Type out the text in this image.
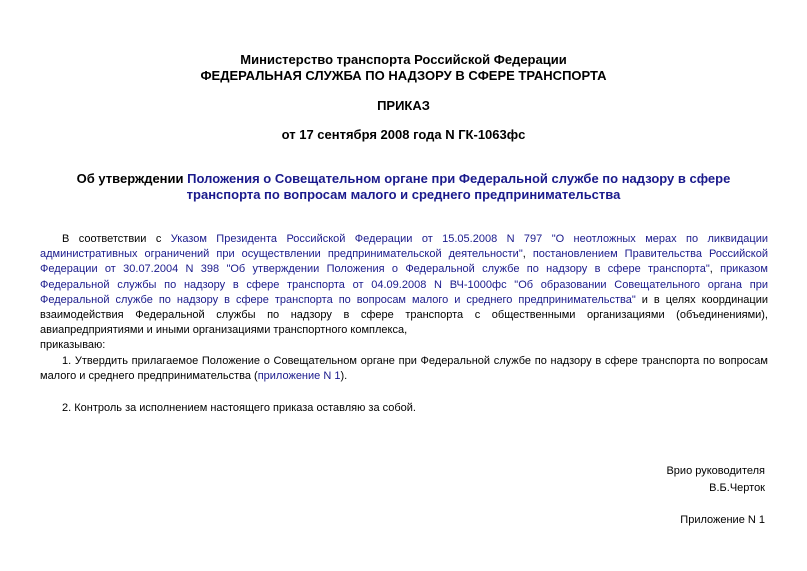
Министерство транспорта Российской Федерации
ФЕДЕРАЛЬНАЯ СЛУЖБА ПО НАДЗОРУ В СФЕРЕ ТРАНСПОРТА
ПРИКАЗ
от 17 сентября 2008 года N ГК-1063фс
Об утверждении Положения о Совещательном органе при Федеральной службе по надзору в сфере транспорта по вопросам малого и среднего предпринимательства
В соответствии с Указом Президента Российской Федерации от 15.05.2008 N 797 "О неотложных мерах по ликвидации административных ограничений при осуществлении предпринимательской деятельности", постановлением Правительства Российской Федерации от 30.07.2004 N 398 "Об утверждении Положения о Федеральной службе по надзору в сфере транспорта", приказом Федеральной службы по надзору в сфере транспорта от 04.09.2008 N ВЧ-1000фс "Об образовании Совещательного органа при Федеральной службе по надзору в сфере транспорта по вопросам малого и среднего предпринимательства" и в целях координации взаимодействия Федеральной службы по надзору в сфере транспорта с общественными организациями (объединениями), авиапредприятиями и иными организациями транспортного комплекса,
приказываю:
1. Утвердить прилагаемое Положение о Совещательном органе при Федеральной службе по надзору в сфере транспорта по вопросам малого и среднего предпринимательства (приложение N 1).
2. Контроль за исполнением настоящего приказа оставляю за собой.
Врио руководителя
В.Б.Черток
Приложение N 1
